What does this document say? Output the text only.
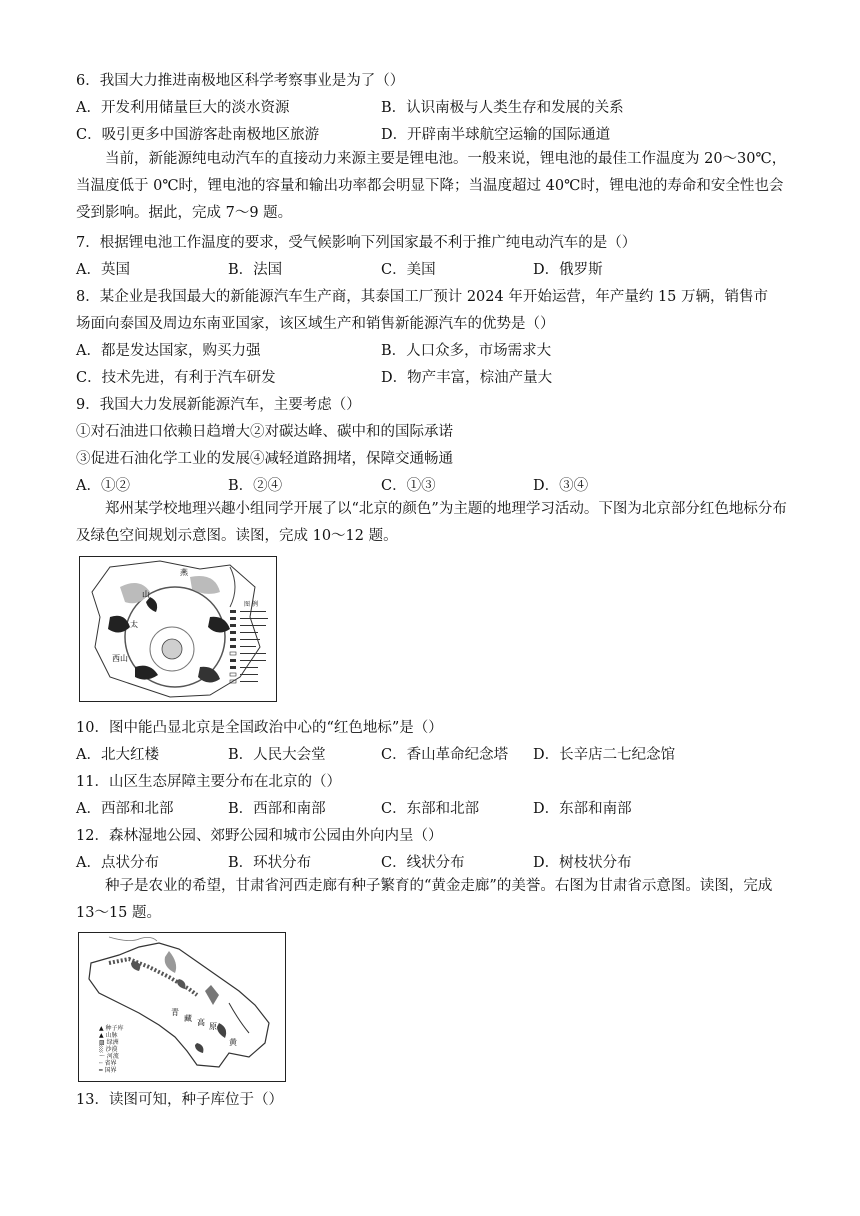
6．我国大力推进南极地区科学考察事业是为了（）
A．开发利用储量巨大的淡水资源	B．认识南极与人类生存和发展的关系
C．吸引更多中国游客赴南极地区旅游	D．开辟南半球航空运输的国际通道
当前，新能源纯电动汽车的直接动力来源主要是锂电池。一般来说，锂电池的最佳工作温度为 20～30℃，当温度低于 0℃时，锂电池的容量和输出功率都会明显下降；当温度超过 40℃时，锂电池的寿命和安全性也会受到影响。据此，完成 7～9 题。
7．根据锂电池工作温度的要求，受气候影响下列国家最不利于推广纯电动汽车的是（）
A．英国	B．法国	C．美国	D．俄罗斯
8．某企业是我国最大的新能源汽车生产商，其泰国工厂预计 2024 年开始运营，年产量约 15 万辆，销售市
场面向泰国及周边东南亚国家，该区域生产和销售新能源汽车的优势是（）
A．都是发达国家，购买力强	B．人口众多，市场需求大
C．技术先进，有利于汽车研发	D．物产丰富，棕油产量大
9．我国大力发展新能源汽车，主要考虑（）
①对石油进口依赖日趋增大②对碳达峰、碳中和的国际承诺
③促进石油化学工业的发展④减轻道路拥堵，保障交通畅通
A．①②	B．②④	C．①③	D．③④
郑州某学校地理兴趣小组同学开展了以“北京的颜色”为主题的地理学习活动。下图为北京部分红色地标分布及绿色空间规划示意图。读图，完成 10～12 题。
燕
山
太
西山
图 例
10．图中能凸显北京是全国政治中心的“红色地标”是（）
A．北大红楼	B．人民大会堂	C．香山革命纪念塔 D．长辛店二七纪念馆
11．山区生态屏障主要分布在北京的（）
A．西部和北部	B．西部和南部	C．东部和北部	D．东部和南部
12．森林湿地公园、郊野公园和城市公园由外向内呈（）
A．点状分布	B．环状分布	C．线状分布	D．树枝状分布
种子是农业的希望，甘肃省河西走廊有种子繁育的“黄金走廊”的美誉。右图为甘肃省示意图。读图，完成 13～15 题。
青
藏 高 原
黄
▲ 种子库
▲ 山脉
▨ 绿洲
░ 沙漠
～ 河流
┄ 省界
━ 国界
13．读图可知，种子库位于（）
